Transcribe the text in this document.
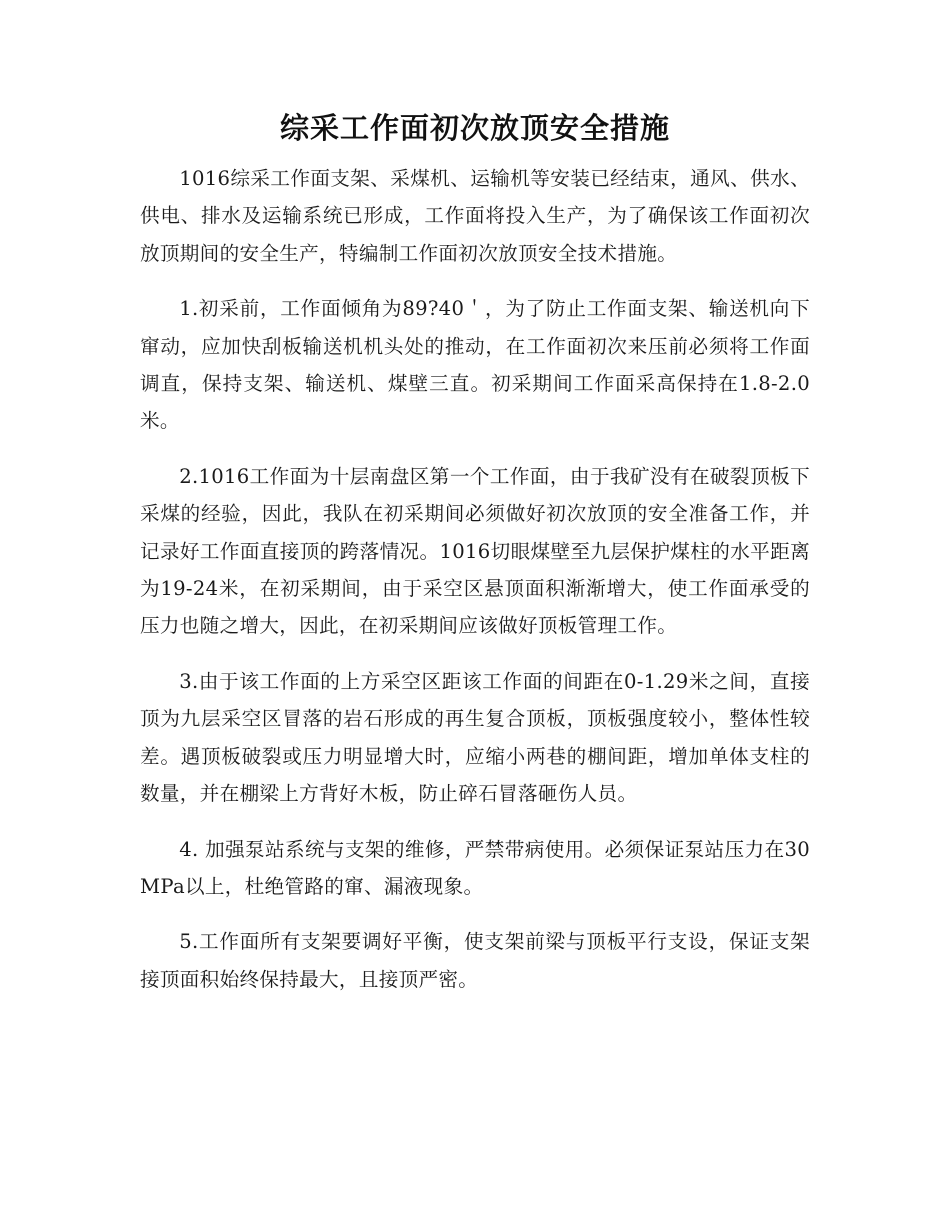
综采工作面初次放顶安全措施

1016综采工作面支架、采煤机、运输机等安装已经结束，通风、供水、供电、排水及运输系统已形成，工作面将投入生产，为了确保该工作面初次放顶期间的安全生产，特编制工作面初次放顶安全技术措施。

1.初采前，工作面倾角为89?40＇，为了防止工作面支架、输送机向下窜动，应加快刮板输送机机头处的推动，在工作面初次来压前必须将工作面调直，保持支架、输送机、煤壁三直。初采期间工作面采高保持在1.8-2.0米。

2.1016工作面为十层南盘区第一个工作面，由于我矿没有在破裂顶板下采煤的经验，因此，我队在初采期间必须做好初次放顶的安全准备工作，并记录好工作面直接顶的跨落情况。1016切眼煤壁至九层保护煤柱的水平距离为19-24米，在初采期间，由于采空区悬顶面积渐渐增大，使工作面承受的压力也随之增大，因此，在初采期间应该做好顶板管理工作。

3.由于该工作面的上方采空区距该工作面的间距在0-1.29米之间，直接顶为九层采空区冒落的岩石形成的再生复合顶板，顶板强度较小，整体性较差。遇顶板破裂或压力明显增大时，应缩小两巷的棚间距，增加单体支柱的数量，并在棚梁上方背好木板，防止碎石冒落砸伤人员。

4. 加强泵站系统与支架的维修，严禁带病使用。必须保证泵站压力在30MPa以上，杜绝管路的窜、漏液现象。

5.工作面所有支架要调好平衡，使支架前梁与顶板平行支设，保证支架接顶面积始终保持最大，且接顶严密。
